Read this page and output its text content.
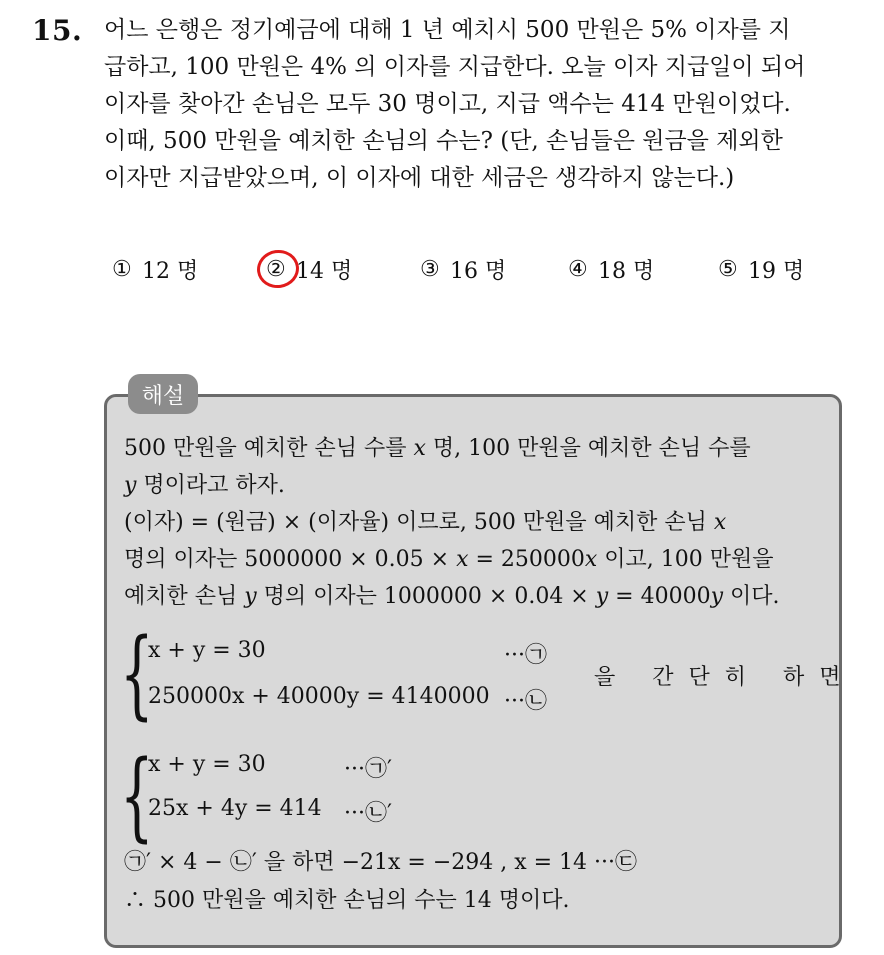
15. 어느 은행은 정기예금에 대해 1 년 예치시 500 만원은 5% 이자를 지
급하고, 100 만원은 4% 의 이자를 지급한다. 오늘 이자 지급일이 되어
이자를 찾아간 손님은 모두 30 명이고, 지급 액수는 414 만원이었다.
이때, 500 만원을 예치한 손님의 수는? (단, 손님들은 원금을 제외한
이자만 지급받았으며, 이 이자에 대한 세금은 생각하지 않는다.)
① 12 명	② 14 명	③ 16 명	④ 18 명	⑤ 19 명
해설
500 만원을 예치한 손님 수를 x 명, 100 만원을 예치한 손님 수를
y 명이라고 하자.
(이자) = (원금) × (이자율) 이므로, 500 만원을 예치한 손님 x
명의 이자는 5000000 × 0.05 × x = 250000x 이고, 100 만원을
예치한 손님 y 명의 이자는 1000000 × 0.04 × y = 40000y 이다.
{
x + y = 30	···㉠
250000x + 40000y = 4140000 ···㉡
을 간단히 하면
{
x + y = 30	···㉠′
25x + 4y = 414 ···㉡′
㉠′ × 4 − ㉡′ 을 하면 −21x = −294 , x = 14 ···㉢
∴ 500 만원을 예치한 손님의 수는 14 명이다.
